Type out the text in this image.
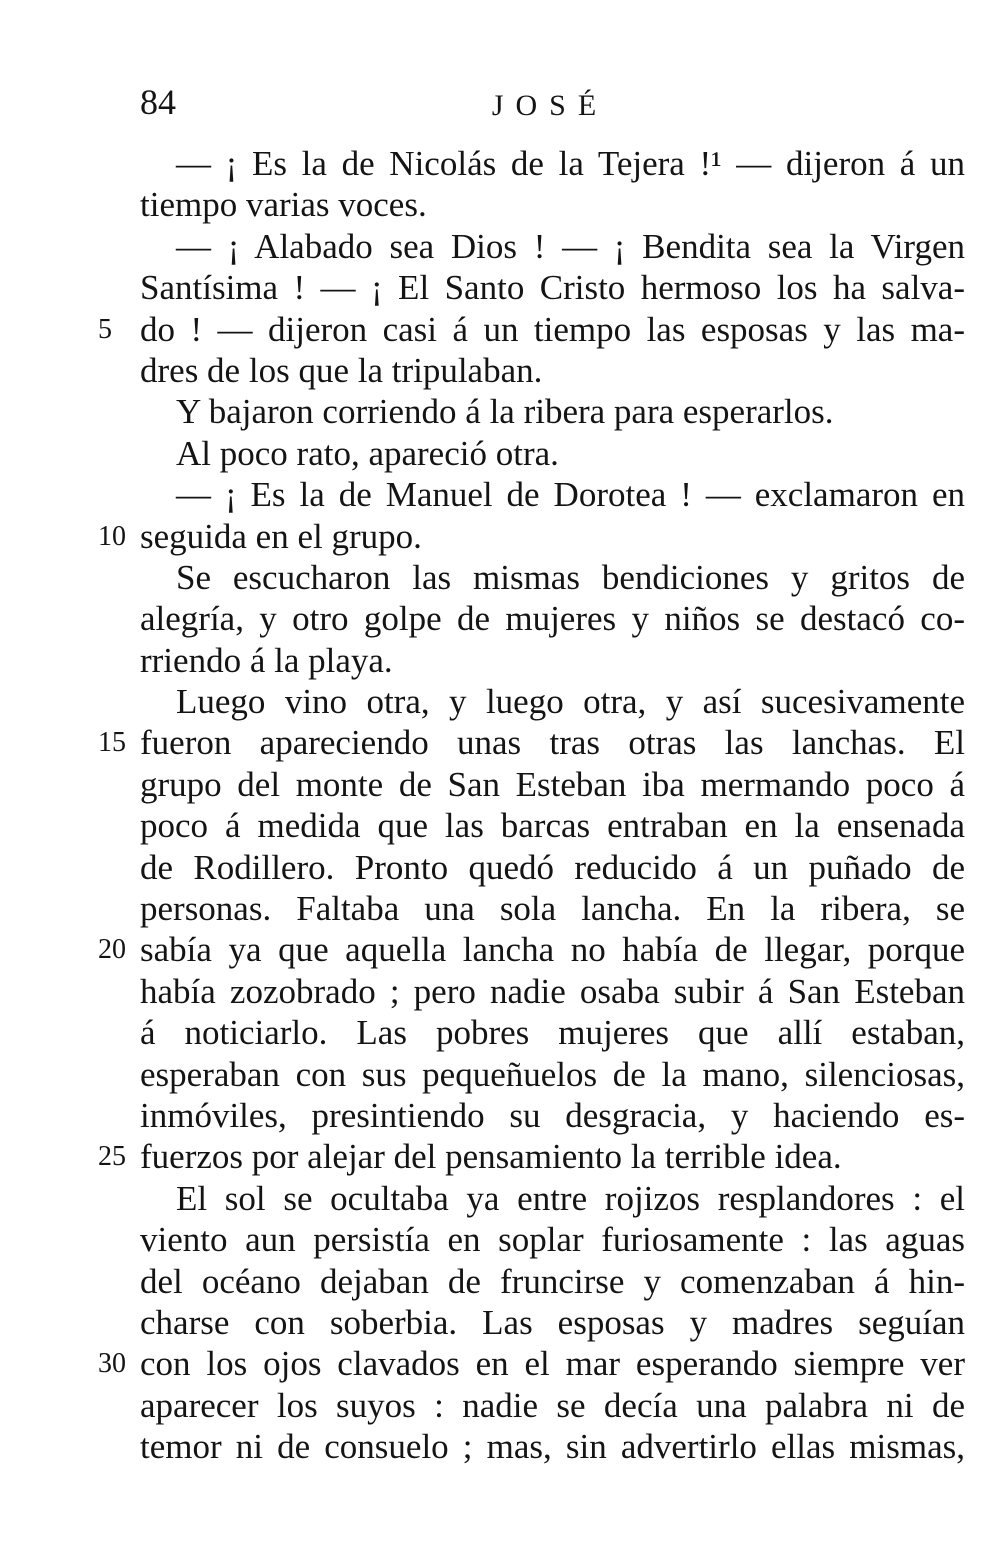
84	JOSÉ
— ¡ Es la de Nicolás de la Tejera !¹ — dijeron á un
tiempo varias voces.
— ¡ Alabado sea Dios ! — ¡ Bendita sea la Virgen
Santísima ! — ¡ El Santo Cristo hermoso los ha salva-
5 do ! — dijeron casi á un tiempo las esposas y las ma-
dres de los que la tripulaban.
Y bajaron corriendo á la ribera para esperarlos.
Al poco rato, apareció otra.
— ¡ Es la de Manuel de Dorotea ! — exclamaron en
10 seguida en el grupo.
Se escucharon las mismas bendiciones y gritos de
alegría, y otro golpe de mujeres y niños se destacó co-
rriendo á la playa.
Luego vino otra, y luego otra, y así sucesivamente
15 fueron apareciendo unas tras otras las lanchas. El
grupo del monte de San Esteban iba mermando poco á
poco á medida que las barcas entraban en la ensenada
de Rodillero. Pronto quedó reducido á un puñado de
personas. Faltaba una sola lancha. En la ribera, se
20 sabía ya que aquella lancha no había de llegar, porque
había zozobrado ; pero nadie osaba subir á San Esteban
á noticiarlo. Las pobres mujeres que allí estaban,
esperaban con sus pequeñuelos de la mano, silenciosas,
inmóviles, presintiendo su desgracia, y haciendo es-
25 fuerzos por alejar del pensamiento la terrible idea.
El sol se ocultaba ya entre rojizos resplandores : el
viento aun persistía en soplar furiosamente : las aguas
del océano dejaban de fruncirse y comenzaban á hin-
charse con soberbia. Las esposas y madres seguían
30 con los ojos clavados en el mar esperando siempre ver
aparecer los suyos : nadie se decía una palabra ni de
temor ni de consuelo ; mas, sin advertirlo ellas mismas,
